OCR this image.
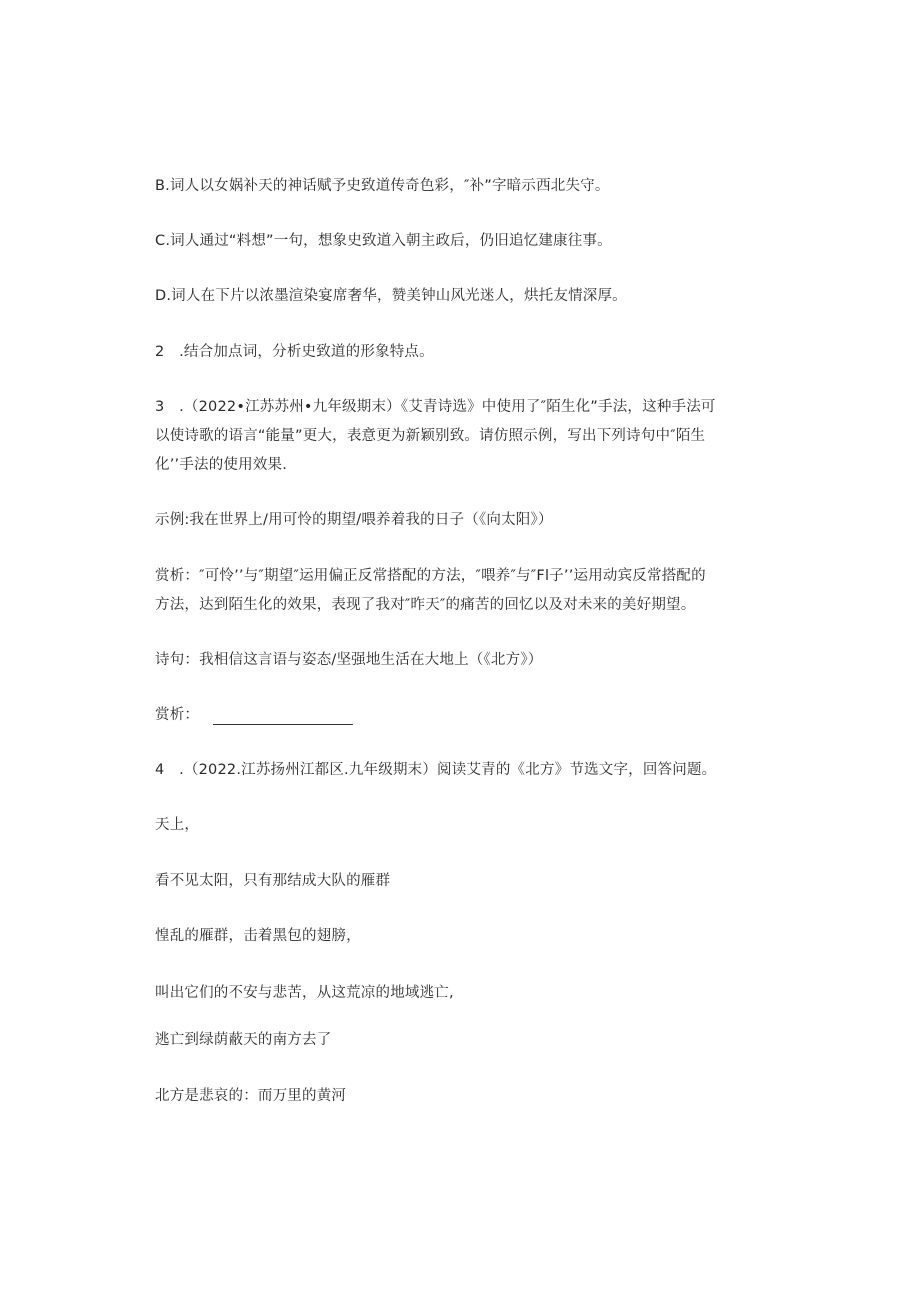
B.词人以女娲补天的神话赋予史致道传奇色彩，″补”字暗示西北失守。
C.词人通过“料想”一句，想象史致道入朝主政后，仍旧追忆建康往事。
D.词人在下片以浓墨渲染宴席奢华，赞美钟山风光迷人，烘托友情深厚。
2　.结合加点词，分析史致道的形象特点。
3　.（2022•江苏苏州•九年级期末）《艾青诗选》中使用了″陌生化”手法，这种手法可
以使诗歌的语言“能量”更大，表意更为新颖别致。请仿照示例，写出下列诗句中″陌生
化’’手法的使用效果.
示例:我在世界上/用可怜的期望/喂养着我的日子（《向太阳》）
赏析：″可怜’’与″期望″运用偏正反常搭配的方法，″喂养″与″Fl子’’运用动宾反常搭配的
方法，达到陌生化的效果，表现了我对″昨天″的痛苦的回忆以及对未来的美好期望。
诗句：我相信这言语与姿态/坚强地生活在大地上（《北方》）
赏析：
4　.（2022.江苏扬州江都区.九年级期末）阅读艾青的《北方》节选文字，回答问题。
天上，
看不见太阳，只有那结成大队的雁群
惶乱的雁群，击着黑包的翅膀，
叫出它们的不安与悲苦，从这荒凉的地域逃亡,
逃亡到绿荫蔽天的南方去了
北方是悲哀的：而万里的黄河
